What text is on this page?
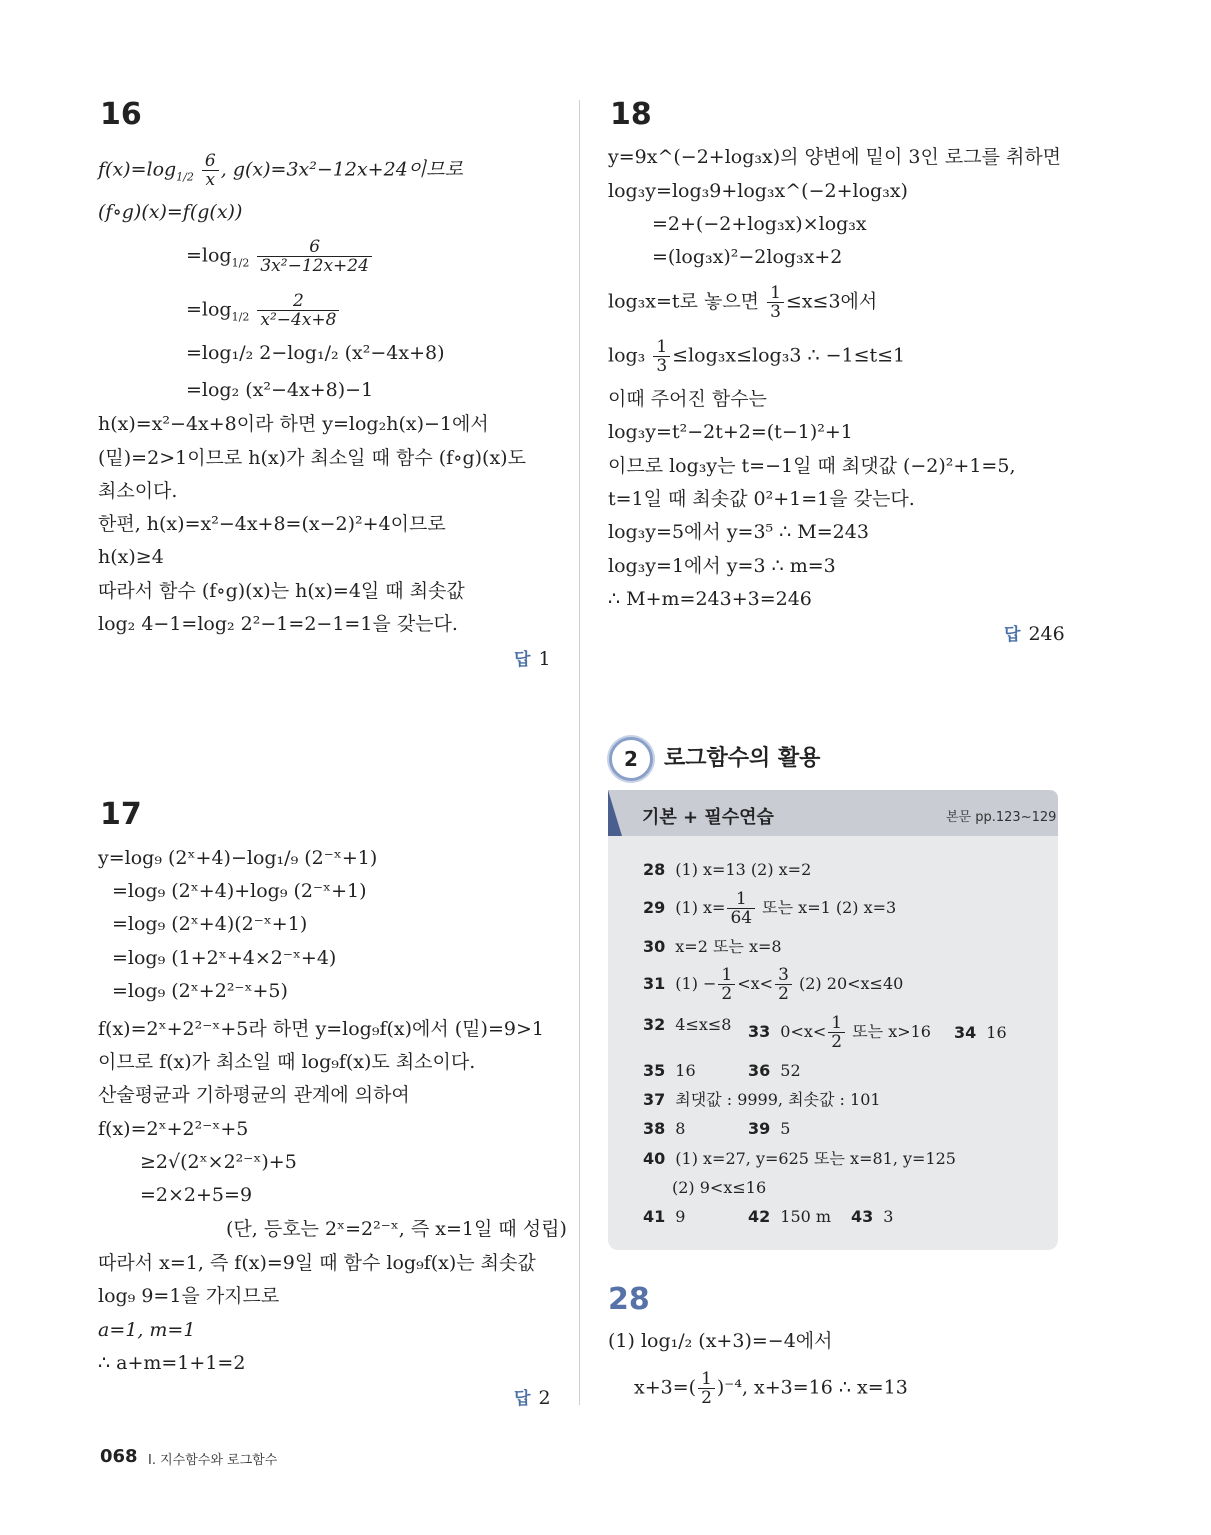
16
$f(x)=\log_{1/2} \frac{6}{x}$ , g(x)=3x²−12x+24이므로
(f∘g)(x)=f(g(x))
$=\log_{1/2} \frac{6}{\text{3x²−12x+24}}$
$=\log_{1/2} \frac{2}{\text{x²−4x+8}}$
=log₁/₂ 2−log₁/₂ (x²−4x+8)
=log₂ (x²−4x+8)−1
h(x)=x²−4x+8이라 하면 y=log₂h(x)−1에서
(밑)=2>1이므로 h(x)가 최소일 때 함수 (f∘g)(x)도
최소이다.
한편, h(x)=x²−4x+8=(x−2)²+4이므로
h(x)≥4
따라서 함수 (f∘g)(x)는 h(x)=4일 때 최솟값
log₂ 4−1=log₂ 2²−1=2−1=1을 갖는다.
답 1
17
y=log₉ (2ˣ+4)−log₁/₉ (2⁻ˣ+1)
=log₉ (2ˣ+4)+log₉ (2⁻ˣ+1)
=log₉ (2ˣ+4)(2⁻ˣ+1)
=log₉ (1+2ˣ+4×2⁻ˣ+4)
=log₉ (2ˣ+2²⁻ˣ+5)
f(x)=2ˣ+2²⁻ˣ+5라 하면 y=log₉f(x)에서 (밑)=9>1
이므로 f(x)가 최소일 때 log₉f(x)도 최소이다.
산술평균과 기하평균의 관계에 의하여
f(x)=2ˣ+2²⁻ˣ+5
≥2√(2ˣ×2²⁻ˣ)+5
=2×2+5=9
(단, 등호는 2ˣ=2²⁻ˣ, 즉 x=1일 때 성립)
따라서 x=1, 즉 f(x)=9일 때 함수 log₉f(x)는 최솟값
log₉ 9=1을 가지므로
a=1, m=1
∴ a+m=1+1=2
답 2
18
y=9x^(−2+log₃x)의 양변에 밑이 3인 로그를 취하면
log₃y=log₃9+log₃x^(−2+log₃x)
=2+(−2+log₃x)×log₃x
=(log₃x)²−2log₃x+2
log₃x=t로 놓으면 $\frac{1}{3} \le x\le 3$에서
$\log_3 \frac{1}{3} \le\log_3x\le\log_33$ ∴ −1≤t≤1
이때 주어진 함수는
log₃y=t²−2t+2=(t−1)²+1
이므로 log₃y는 t=−1일 때 최댓값 (−2)²+1=5,
t=1일 때 최솟값 0²+1=1을 갖는다.
log₃y=5에서 y=3⁵ ∴ M=243
log₃y=1에서 y=3 ∴ m=3
∴ M+m=243+3=246
답 246
2	로그함수의 활용
기본 + 필수연습	본문 pp.123~129
28 (1) x=13 (2) x=2
29 (1) $x= \frac{1}{64}$ 또는 x=1 (2) x=3
30 x=2 또는 x=8
31 $(1) - \frac{1}{2} <x< \frac{3}{2} (2)$ 20<x≤40
32 4≤x≤8 33 $0<x< \frac{1}{2}$ 또는 x>16 34 16
35 16	36 52
37 최댓값 : 9999, 최솟값 : 101
38 8	39 5
40 (1) x=27, y=625 또는 x=81, y=125
(2) 9<x≤16
41 9	42 150 m 43 3
28
(1) log₁/₂ (x+3)=−4에서
$x+3=( \frac{1}{2} )^{-4}$, x+3=16 ∴ x=13
068 I. 지수함수와 로그함수
